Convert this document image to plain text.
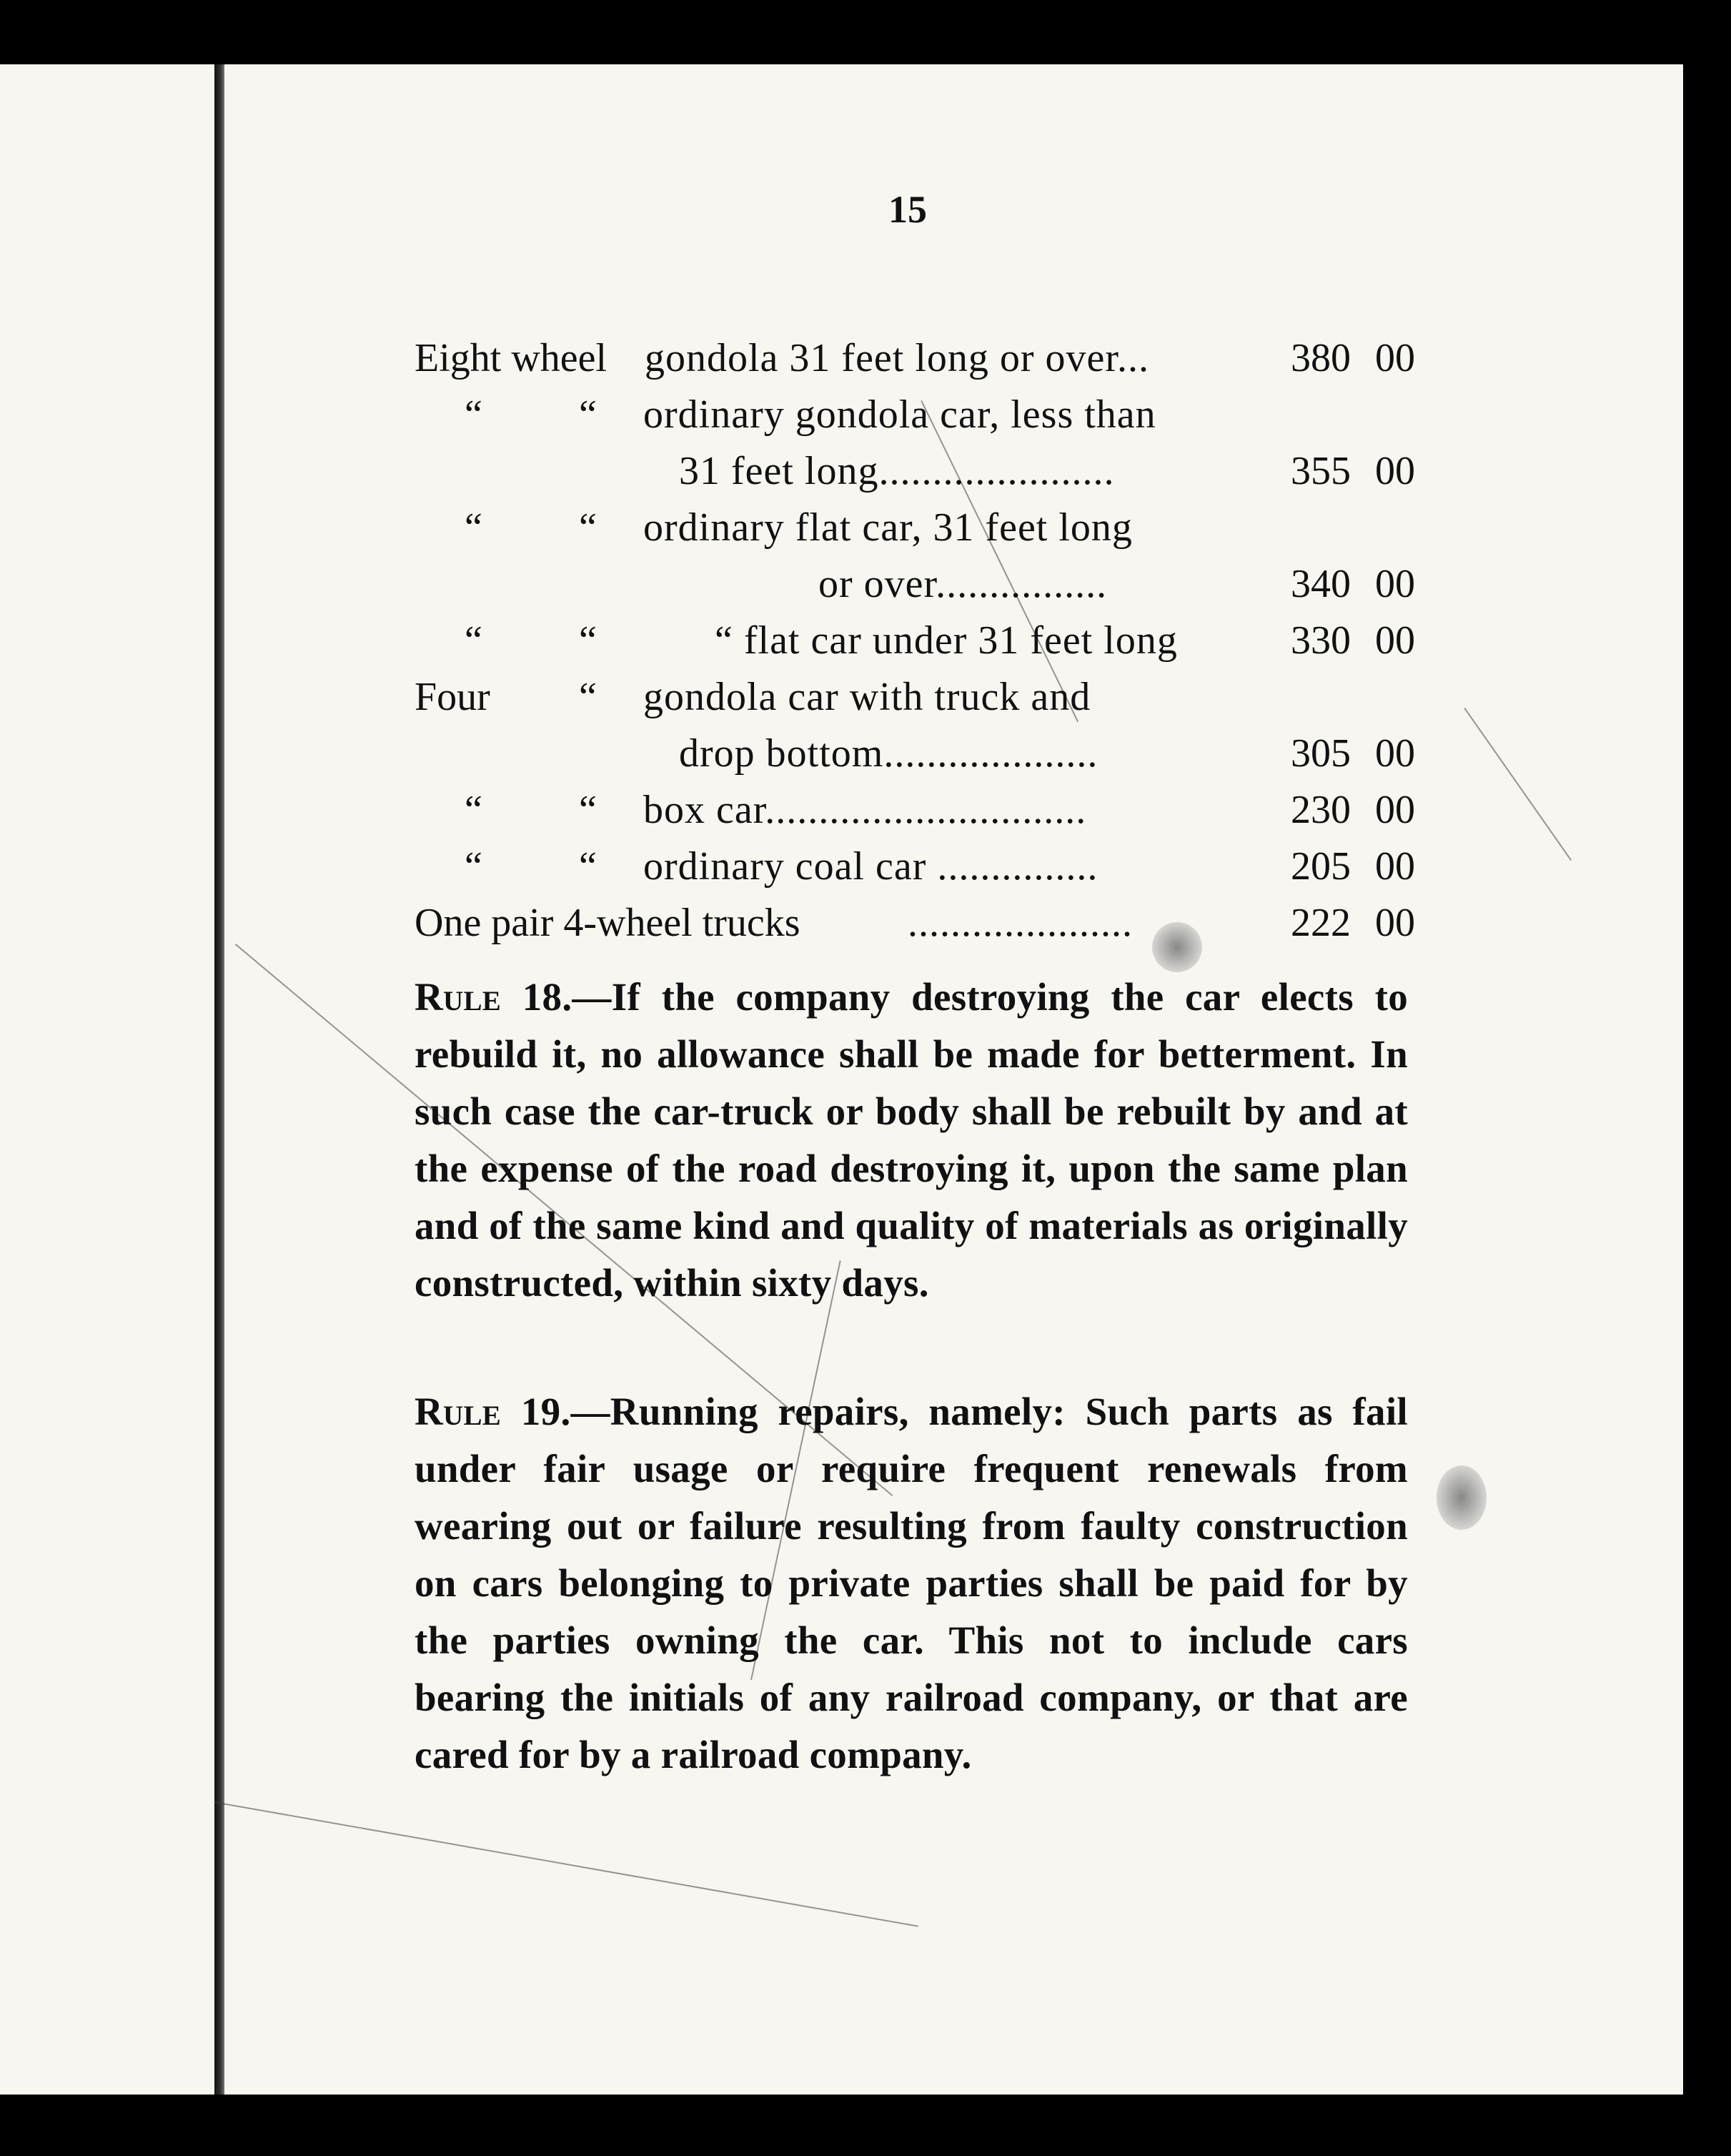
15
Eight wheel gondola 31 feet long or over...	380 00
“ “ ordinary gondola car, less than
31 feet long......................	355 00
“ “ ordinary flat car, 31 feet long
or over................	340 00
“ “	“ flat car under 31 feet long	330 00
Four “ gondola car with truck and
drop bottom....................	305 00
“ “ box car..............................	230 00
“ “ ordinary coal car ...............	205 00
One pair 4-wheel trucks	.....................	222 00
Rule 18.—If the company destroying the car elects to rebuild it, no allowance shall be made for betterment. In such case the car-truck or body shall be rebuilt by and at the expense of the road destroying it, upon the same plan and of the same kind and quality of materials as originally constructed, within sixty days.
Rule 19.—Running repairs, namely: Such parts as fail under fair usage or require frequent renewals from wearing out or failure resulting from faulty construction on cars belonging to private parties shall be paid for by the parties owning the car. This not to include cars bearing the initials of any railroad company, or that are cared for by a railroad company.
